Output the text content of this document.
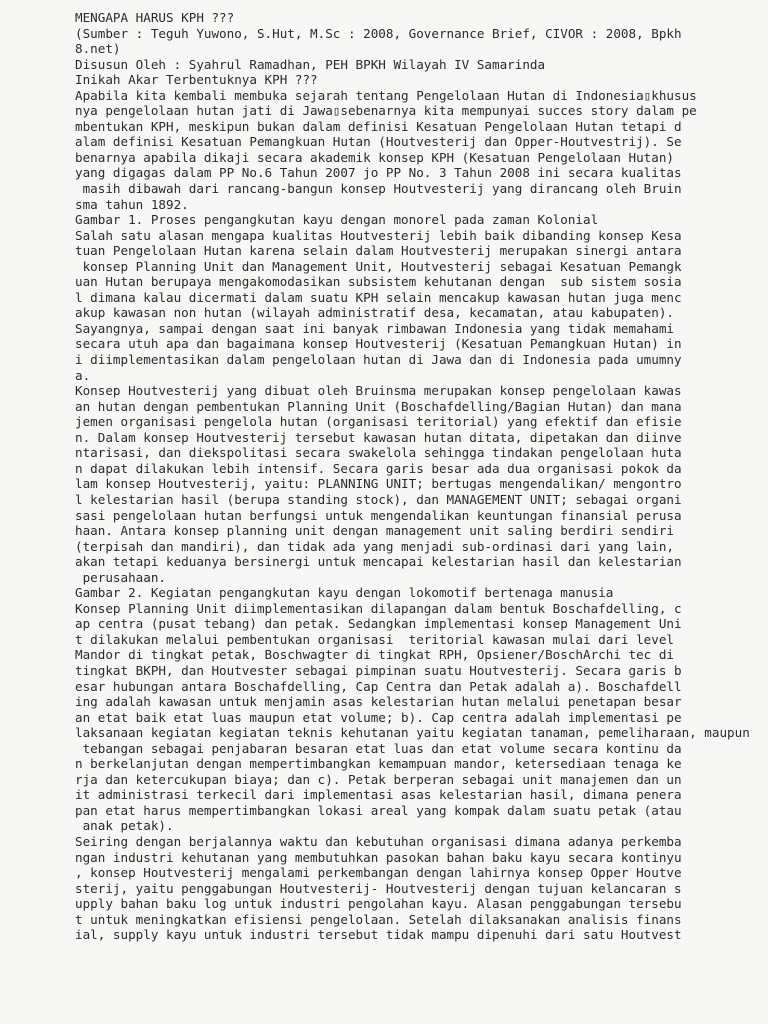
MENGAPA HARUS KPH ???
(Sumber : Teguh Yuwono, S.Hut, M.Sc : 2008, Governance Brief, CIVOR : 2008, Bpkh
8.net)
Disusun Oleh : Syahrul Ramadhan, PEH BPKH Wilayah IV Samarinda
Inikah Akar Terbentuknya KPH ???
Apabila kita kembali membuka sejarah tentang Pengelolaan Hutan di Indonesia▯khusus
nya pengelolaan hutan jati di Jawa▯sebenarnya kita mempunyai succes story dalam pe
mbentukan KPH, meskipun bukan dalam definisi Kesatuan Pengelolaan Hutan tetapi d
alam definisi Kesatuan Pemangkuan Hutan (Houtvesterij dan Opper-Houtvestrij). Se
benarnya apabila dikaji secara akademik konsep KPH (Kesatuan Pengelolaan Hutan)
yang digagas dalam PP No.6 Tahun 2007 jo PP No. 3 Tahun 2008 ini secara kualitas
masih dibawah dari rancang-bangun konsep Houtvesterij yang dirancang oleh Bruin
sma tahun 1892.
Gambar 1. Proses pengangkutan kayu dengan monorel pada zaman Kolonial
Salah satu alasan mengapa kualitas Houtvesterij lebih baik dibanding konsep Kesa
tuan Pengelolaan Hutan karena selain dalam Houtvesterij merupakan sinergi antara
konsep Planning Unit dan Management Unit, Houtvesterij sebagai Kesatuan Pemangk
uan Hutan berupaya mengakomodasikan subsistem kehutanan dengan  sub sistem sosia
l dimana kalau dicermati dalam suatu KPH selain mencakup kawasan hutan juga menc
akup kawasan non hutan (wilayah administratif desa, kecamatan, atau kabupaten).
Sayangnya, sampai dengan saat ini banyak rimbawan Indonesia yang tidak memahami
secara utuh apa dan bagaimana konsep Houtvesterij (Kesatuan Pemangkuan Hutan) in
i diimplementasikan dalam pengelolaan hutan di Jawa dan di Indonesia pada umumny
a.
Konsep Houtvesterij yang dibuat oleh Bruinsma merupakan konsep pengelolaan kawas
an hutan dengan pembentukan Planning Unit (Boschafdelling/Bagian Hutan) dan mana
jemen organisasi pengelola hutan (organisasi teritorial) yang efektif dan efisie
n. Dalam konsep Houtvesterij tersebut kawasan hutan ditata, dipetakan dan diinve
ntarisasi, dan diekspolitasi secara swakelola sehingga tindakan pengelolaan huta
n dapat dilakukan lebih intensif. Secara garis besar ada dua organisasi pokok da
lam konsep Houtvesterij, yaitu: PLANNING UNIT; bertugas mengendalikan/ mengontro
l kelestarian hasil (berupa standing stock), dan MANAGEMENT UNIT; sebagai organi
sasi pengelolaan hutan berfungsi untuk mengendalikan keuntungan finansial perusa
haan. Antara konsep planning unit dengan management unit saling berdiri sendiri
(terpisah dan mandiri), dan tidak ada yang menjadi sub-ordinasi dari yang lain,
akan tetapi keduanya bersinergi untuk mencapai kelestarian hasil dan kelestarian
perusahaan.
Gambar 2. Kegiatan pengangkutan kayu dengan lokomotif bertenaga manusia
Konsep Planning Unit diimplementasikan dilapangan dalam bentuk Boschafdelling, c
ap centra (pusat tebang) dan petak. Sedangkan implementasi konsep Management Uni
t dilakukan melalui pembentukan organisasi  teritorial kawasan mulai dari level
Mandor di tingkat petak, Boschwagter di tingkat RPH, Opsiener/BoschArchi tec di
tingkat BKPH, dan Houtvester sebagai pimpinan suatu Houtvesterij. Secara garis b
esar hubungan antara Boschafdelling, Cap Centra dan Petak adalah a). Boschafdell
ing adalah kawasan untuk menjamin asas kelestarian hutan melalui penetapan besar
an etat baik etat luas maupun etat volume; b). Cap centra adalah implementasi pe
laksanaan kegiatan kegiatan teknis kehutanan yaitu kegiatan tanaman, pemeliharaan, maupun
tebangan sebagai penjabaran besaran etat luas dan etat volume secara kontinu da
n berkelanjutan dengan mempertimbangkan kemampuan mandor, ketersediaan tenaga ke
rja dan ketercukupan biaya; dan c). Petak berperan sebagai unit manajemen dan un
it administrasi terkecil dari implementasi asas kelestarian hasil, dimana penera
pan etat harus mempertimbangkan lokasi areal yang kompak dalam suatu petak (atau
anak petak).
Seiring dengan berjalannya waktu dan kebutuhan organisasi dimana adanya perkemba
ngan industri kehutanan yang membutuhkan pasokan bahan baku kayu secara kontinyu
, konsep Houtvesterij mengalami perkembangan dengan lahirnya konsep Opper Houtve
sterij, yaitu penggabungan Houtvesterij- Houtvesterij dengan tujuan kelancaran s
upply bahan baku log untuk industri pengolahan kayu. Alasan penggabungan tersebu
t untuk meningkatkan efisiensi pengelolaan. Setelah dilaksanakan analisis finans
ial, supply kayu untuk industri tersebut tidak mampu dipenuhi dari satu Houtvest
